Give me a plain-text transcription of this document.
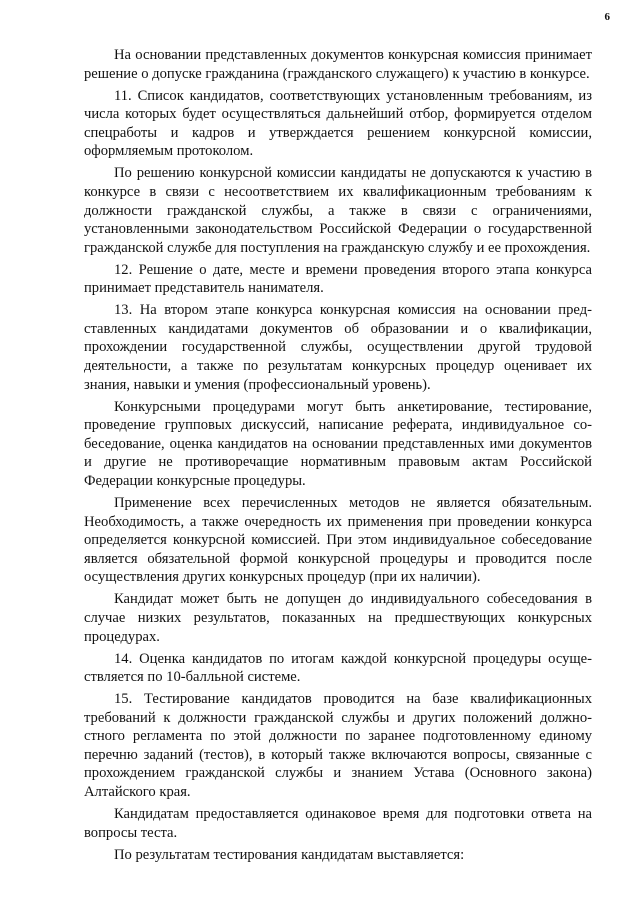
6

На основании представленных документов конкурсная комиссия принимает решение о допуске гражданина (гражданского служащего) к участию в конкурсе.

11. Список кандидатов, соответствующих установленным требованиям, из числа которых будет осуществляться дальнейший отбор, формируется отделом спецработы и кадров и утверждается решением конкурсной комиссии, оформляемым протоколом.

По решению конкурсной комиссии кандидаты не допускаются к участию в конкурсе в связи с несоответствием их квалификационным требованиям к должности гражданской службы, а также в связи с ограничениями, установленными законодательством Российской Федерации о государственной гражданской службе для поступления на гражданскую службу и ее прохождения.

12. Решение о дате, месте и времени проведения второго этапа конкурса принимает представитель нанимателя.

13. На втором этапе конкурса конкурсная комиссия на основании представленных кандидатами документов об образовании и о квалификации, прохождении государственной службы, осуществлении другой трудовой деятельности, а также по результатам конкурсных процедур оценивает их знания, навыки и умения (профессиональный уровень).

Конкурсными процедурами могут быть анкетирование, тестирование, проведение групповых дискуссий, написание реферата, индивидуальное собеседование, оценка кандидатов на основании представленных ими документов и другие не противоречащие нормативным правовым актам Российской Федерации конкурсные процедуры.

Применение всех перечисленных методов не является обязательным. Необходимость, а также очередность их применения при проведении конкурса определяется конкурсной комиссией. При этом индивидуальное собеседование является обязательной формой конкурсной процедуры и проводится после осуществления других конкурсных процедур (при их наличии).

Кандидат может быть не допущен до индивидуального собеседования в случае низких результатов, показанных на предшествующих конкурсных процедурах.

14. Оценка кандидатов по итогам каждой конкурсной процедуры осуществляется по 10-балльной системе.

15. Тестирование кандидатов проводится на базе квалификационных требований к должности гражданской службы и других положений должностного регламента по этой должности по заранее подготовленному единому перечню заданий (тестов), в который также включаются вопросы, связанные с прохождением гражданской службы и знанием Устава (Основного закона) Алтайского края.

Кандидатам предоставляется одинаковое время для подготовки ответа на вопросы теста.

По результатам тестирования кандидатам выставляется:
